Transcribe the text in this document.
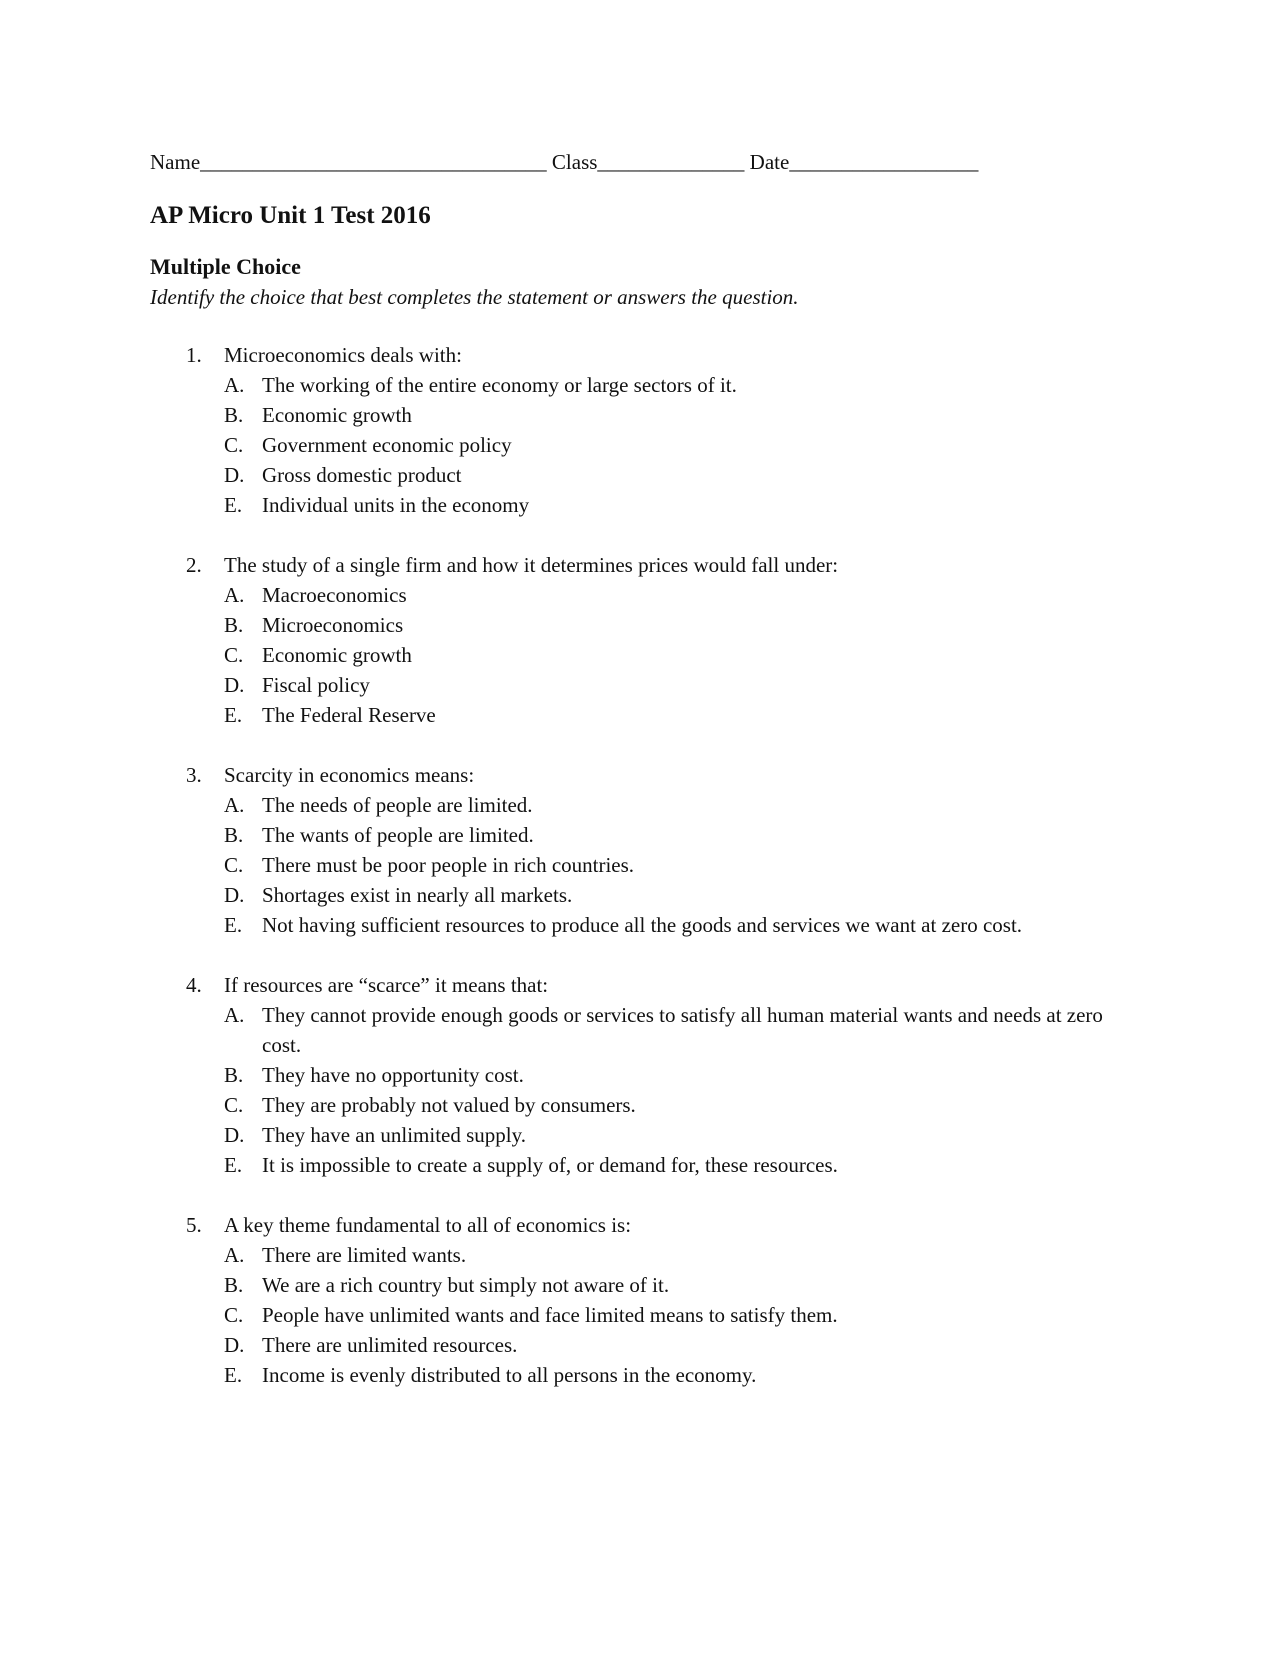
Name_________________________________ Class______________ Date__________________
AP Micro Unit 1 Test 2016
Multiple Choice

Identify the choice that best completes the statement or answers the question.

1.	Microeconomics deals with:
A. The working of the entire economy or large sectors of it.
B. Economic growth
C. Government economic policy
D. Gross domestic product
E. Individual units in the economy
2.	The study of a single firm and how it determines prices would fall under:
A. Macroeconomics
B. Microeconomics
C. Economic growth
D. Fiscal policy
E. The Federal Reserve
3.	Scarcity in economics means:
A. The needs of people are limited.
B. The wants of people are limited.
C. There must be poor people in rich countries.
D. Shortages exist in nearly all markets.
E. Not having sufficient resources to produce all the goods and services we want at zero cost.
4.	If resources are “scarce” it means that:
A. They cannot provide enough goods or services to satisfy all human material wants and needs at zero cost.
B. They have no opportunity cost.
C. They are probably not valued by consumers.
D. They have an unlimited supply.
E. It is impossible to create a supply of, or demand for, these resources.
5.	A key theme fundamental to all of economics is:
A. There are limited wants.
B. We are a rich country but simply not aware of it.
C. People have unlimited wants and face limited means to satisfy them.
D. There are unlimited resources.
E. Income is evenly distributed to all persons in the economy.
